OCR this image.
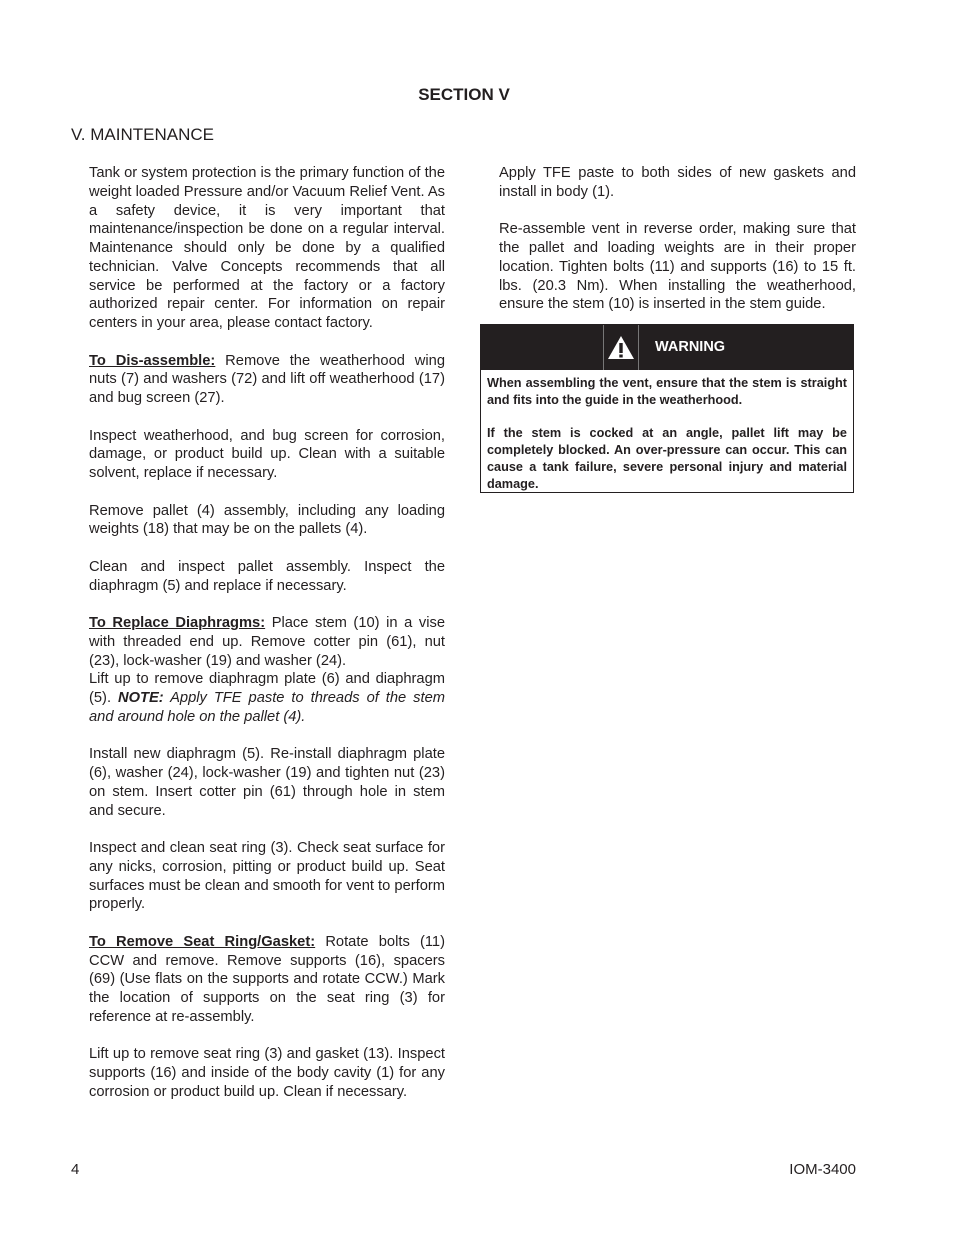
SECTION V
V. MAINTENANCE

Tank or system protection is the primary function of the weight loaded Pressure and/or Vacuum Relief Vent. As a safety device, it is very important that maintenance/inspection be done on a regular interval. Maintenance should only be done by a qualified technician. Valve Concepts recommends that all service be performed at the factory or a factory authorized repair center. For information on repair centers in your area, please contact factory.

To Dis-assemble: Remove the weatherhood wing nuts (7) and washers (72) and lift off weatherhood (17) and bug screen (27).

Inspect weatherhood, and bug screen for corrosion, damage, or product build up. Clean with a suitable solvent, replace if necessary.

Remove pallet (4) assembly, including any loading weights (18) that may be on the pallets (4).

Clean and inspect pallet assembly. Inspect the diaphragm (5) and replace if necessary.

To Replace Diaphragms: Place stem (10) in a vise with threaded end up. Remove cotter pin (61), nut (23), lock-washer (19) and washer (24).

Lift up to remove diaphragm plate (6) and diaphragm (5). NOTE: Apply TFE paste to threads of the stem and around hole on the pallet (4).

Install new diaphragm (5). Re-install diaphragm plate (6), washer (24), lock-washer (19) and tighten nut (23) on stem. Insert cotter pin (61) through hole in stem and secure.

Inspect and clean seat ring (3). Check seat surface for any nicks, corrosion, pitting or product build up. Seat surfaces must be clean and smooth for vent to perform properly.

To Remove Seat Ring/Gasket: Rotate bolts (11) CCW and remove. Remove supports (16), spacers (69) (Use flats on the supports and rotate CCW.) Mark the location of supports on the seat ring (3) for reference at re-assembly.

Lift up to remove seat ring (3) and gasket (13). Inspect supports (16) and inside of the body cavity (1) for any corrosion or product build up. Clean if necessary.

Apply TFE paste to both sides of new gaskets and install in body (1).

Re-assemble vent in reverse order, making sure that the pallet and loading weights are in their proper location. Tighten bolts (11) and supports (16) to 15 ft. lbs. (20.3 Nm). When installing the weatherhood, ensure the stem (10) is inserted in the stem guide.

WARNING

When assembling the vent, ensure that the stem is straight and fits into the guide in the weatherhood.

If the stem is cocked at an angle, pallet lift may be completely blocked. An over-pressure can occur. This can cause a tank failure, severe personal injury and material damage.

4	IOM-3400
